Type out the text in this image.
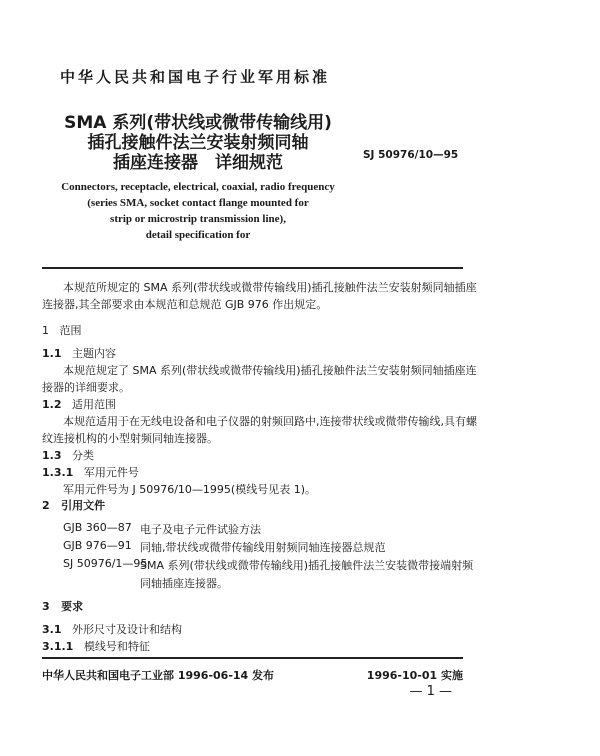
中华人民共和国电子行业军用标准
SMA 系列(带状线或微带传输线用)
插孔接触件法兰安装射频同轴
插座连接器　详细规范	SJ 50976/10—95
Connectors, receptacle, electrical, coaxial, radio frequency
(series SMA, socket contact flange mounted for
strip or microstrip transmission line),
detail specification for
本规范所规定的 SMA 系列(带状线或微带传输线用)插孔接触件法兰安装射频同轴插座
连接器,其全部要求由本规范和总规范 GJB 976 作出规定。
1 范围
1.1 主题内容
本规范规定了 SMA 系列(带状线或微带传输线用)插孔接触件法兰安装射频同轴插座连
接器的详细要求。
1.2 适用范围
本规范适用于在无线电设备和电子仪器的射频回路中,连接带状线或微带传输线,具有螺
纹连接机构的小型射频同轴连接器。
1.3 分类
1.3.1 军用元件号
军用元件号为 J 50976/10—1995(模线号见表 1)。
2 引用文件
GJB 360—87 电子及电子元件试验方法
GJB 976—91 同轴,带状线或微带传输线用射频同轴连接器总规范
SJ 50976/1—95
SMA 系列(带状线或微带传输线用)插孔接触件法兰安装微带接端射频
同轴插座连接器。
3 要求
3.1 外形尺寸及设计和结构
3.1.1 模线号和特征
中华人民共和国电子工业部 1996-06-14 发布	1996-10-01 实施
— 1 —
